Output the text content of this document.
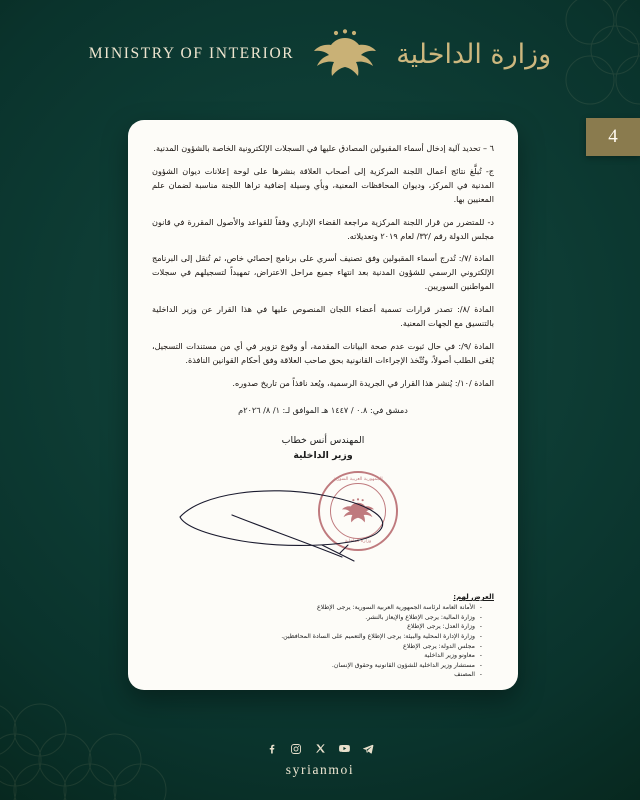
MINISTRY OF INTERIOR	وزارة الداخلية
4

٦ – تحديد آلية إدخال أسماء المقبولين المصادق عليها في السجلات الإلكترونية الخاصة بالشؤون المدنية.

ج- تُبلَّغ نتائج أعمال اللجنة المركزية إلى أصحاب العلاقة بنشرها على لوحة إعلانات ديوان الشؤون المدنية في المركز، وديوان المحافظات المعنية، وبأي وسيلة إضافية تراها اللجنة مناسبة لضمان علم المعنيين بها.

د- للمتضرر من قرار اللجنة المركزية مراجعة القضاء الإداري وفقاً للقواعد والأصول المقررة في قانون مجلس الدولة رقم /٣٢/ لعام ٢٠١٩ وتعديلاته.

المادة /٧/: تُدرج أسماء المقبولين وفق تصنيف أسري على برنامج إحصائي خاص، ثم تُنقل إلى البرنامج الإلكتروني الرسمي للشؤون المدنية بعد انتهاء جميع مراحل الاعتراض، تمهيداً لتسجيلهم في سجلات المواطنين السوريين.

المادة /٨/: تصدر قرارات تسمية أعضاء اللجان المنصوص عليها في هذا القرار عن وزير الداخلية بالتنسيق مع الجهات المعنية.

المادة /٩/: في حال ثبوت عدم صحة البيانات المقدمة، أو وقوع تزوير في أي من مستندات التسجيل، يُلغى الطلب أصولاً، وتُتّخذ الإجراءات القانونية بحق صاحب العلاقة وفق أحكام القوانين النافذة.

المادة /١٠/: يُنشر هذا القرار في الجريدة الرسمية، ويُعد نافذاً من تاريخ صدوره.

دمشق في: ٠.٨ / ١٤٤٧ هـ الموافق لـ: ١/ ٨/ ٢٠٢٦م
المهندس أنس خطاب
وزير الداخلية
الجمهورية العربية السورية
وزارة الداخلية
العرض لهم:
- الأمانة العامة لرئاسة الجمهورية العربية السورية: يرجى الإطلاع
- وزارة المالية: يرجى الإطلاع والإيعاز بالنشر.
- وزارة العدل: يرجى الإطلاع
- وزارة الإدارة المحلية والبيئة: يرجى الإطلاع والتعميم على السادة المحافظين.
- مجلس الدولة: يرجى الإطلاع
- معاونو وزير الداخلية
- مستشار وزير الداخلية للشؤون القانونية وحقوق الإنسان.
- المصنف
syrianmoi
